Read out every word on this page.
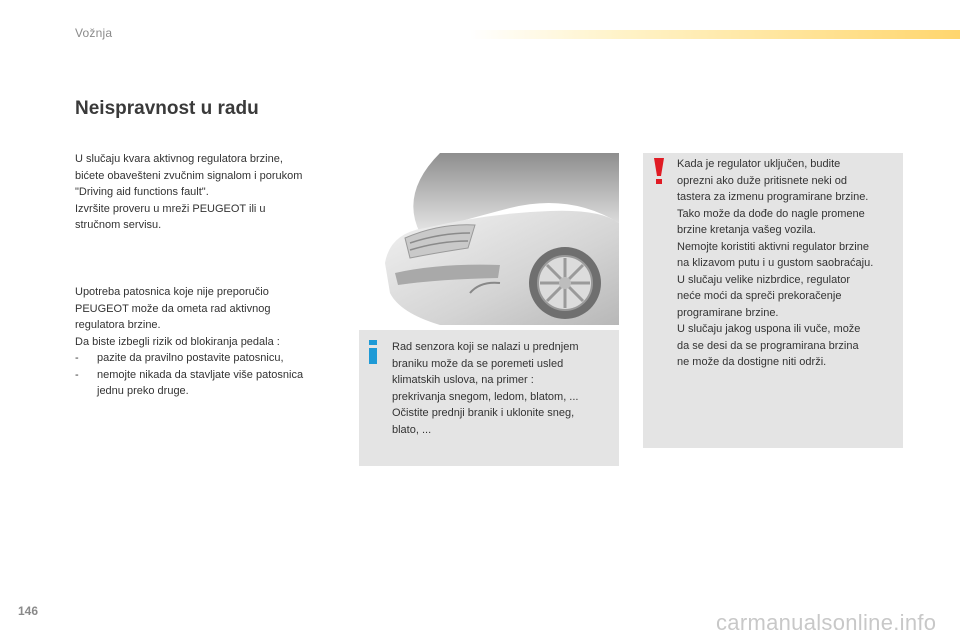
Vožnja
Neispravnost u radu

U slučaju kvara aktivnog regulatora brzine,

bićete obavešteni zvučnim signalom i porukom

"Driving aid functions fault".

Izvršite proveru u mreži PEUGEOT ili u

stručnom servisu.

Upotreba patosnica koje nije preporučio

PEUGEOT može da ometa rad aktivnog

regulatora brzine.

Da biste izbegli rizik od blokiranja pedala :

-	pazite da pravilno postavite patosnicu,

-	nemojte nikada da stavljate više patosnica

jednu preko druge.

Rad senzora koji se nalazi u prednjem

braniku može da se poremeti usled

klimatskih uslova, na primer :

prekrivanja snegom, ledom, blatom, ...

Očistite prednji branik i uklonite sneg,

blato, ...

Kada je regulator uključen, budite

oprezni ako duže pritisnete neki od

tastera za izmenu programirane brzine.

Tako može da dođe do nagle promene

brzine kretanja vašeg vozila.

Nemojte koristiti aktivni regulator brzine

na klizavom putu i u gustom saobraćaju.

U slučaju velike nizbrdice, regulator

neće moći da spreči prekoračenje

programirane brzine.

U slučaju jakog uspona ili vuče, može

da se desi da se programirana brzina

ne može da dostigne niti održi.

146	carmanualsonline.info
